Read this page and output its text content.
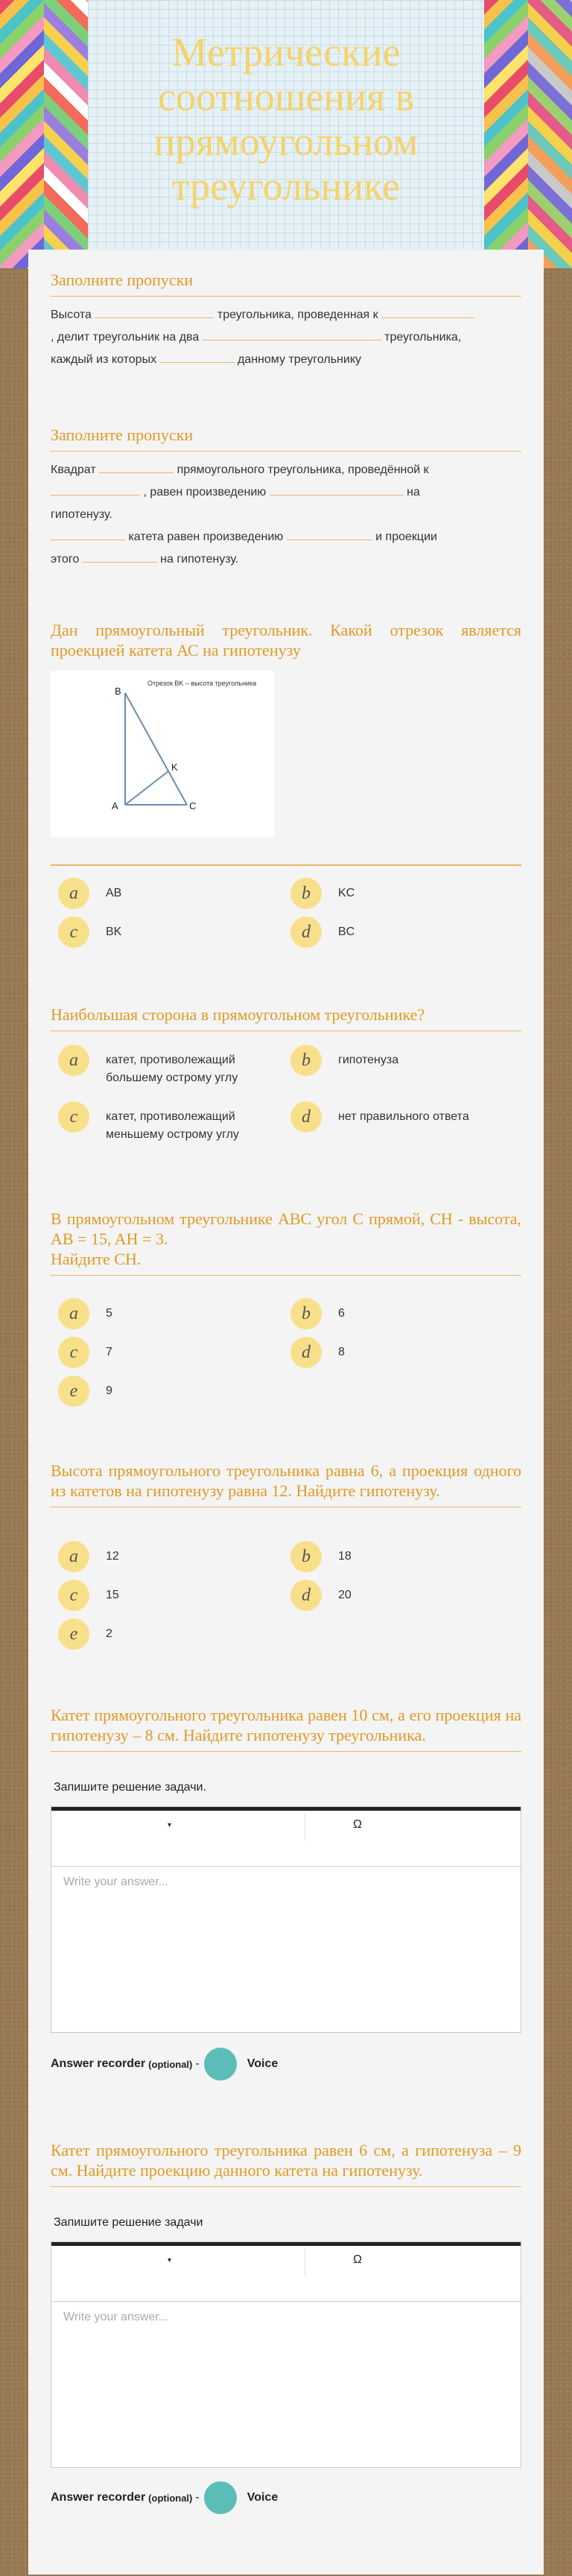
Метрические соотношения в прямоугольном треугольнике
Заполните пропуски
Высота	треугольника, проведенная к
, делит треугольник на два	треугольника,
каждый из которых	данному треугольнику
Заполните пропуски
Квадрат	прямоугольного треугольника, проведённой к
, равен произведению	на
гипотенузу.
катета равен произведению	и проекции
этого	на гипотенузу.
Дан прямоугольный треугольник. Какой отрезок является проекцией катета АС на гипотенузу
Отрезок BK – высота треугольника
B
K
A	C
a	AB	b	KC
c	BK	d	BC
Наибольшая сторона в прямоугольном треугольнике?
a	катет, противолежащий большему острому углу
b	гипотенуза
c	катет, противолежащий меньшему острому углу
d	нет правильного ответа
В прямоугольном треугольнике ABC угол C прямой, CH - высота, AB = 15, AH = 3.
Найдите CH.
a	5	b	6
c	7	d	8
e	9
Высота прямоугольного треугольника равна 6, а проекция одного из катетов на гипотенузу равна 12. Найдите гипотенузу.
a	12	b	18
c	15	d	20
e	2
Катет прямоугольного треугольника равен 10 см, а его проекция на гипотенузу – 8 см. Найдите гипотенузу треугольника.
Запишите решение задачи.
▾	Ω
Write your answer...
Answer recorder (optional) -	Voice
Катет прямоугольного треугольника равен 6 см, а гипотенуза – 9 см. Найдите проекцию данного катета на гипотенузу.
Запишите решение задачи
▾	Ω
Write your answer...
Answer recorder (optional) -	Voice
